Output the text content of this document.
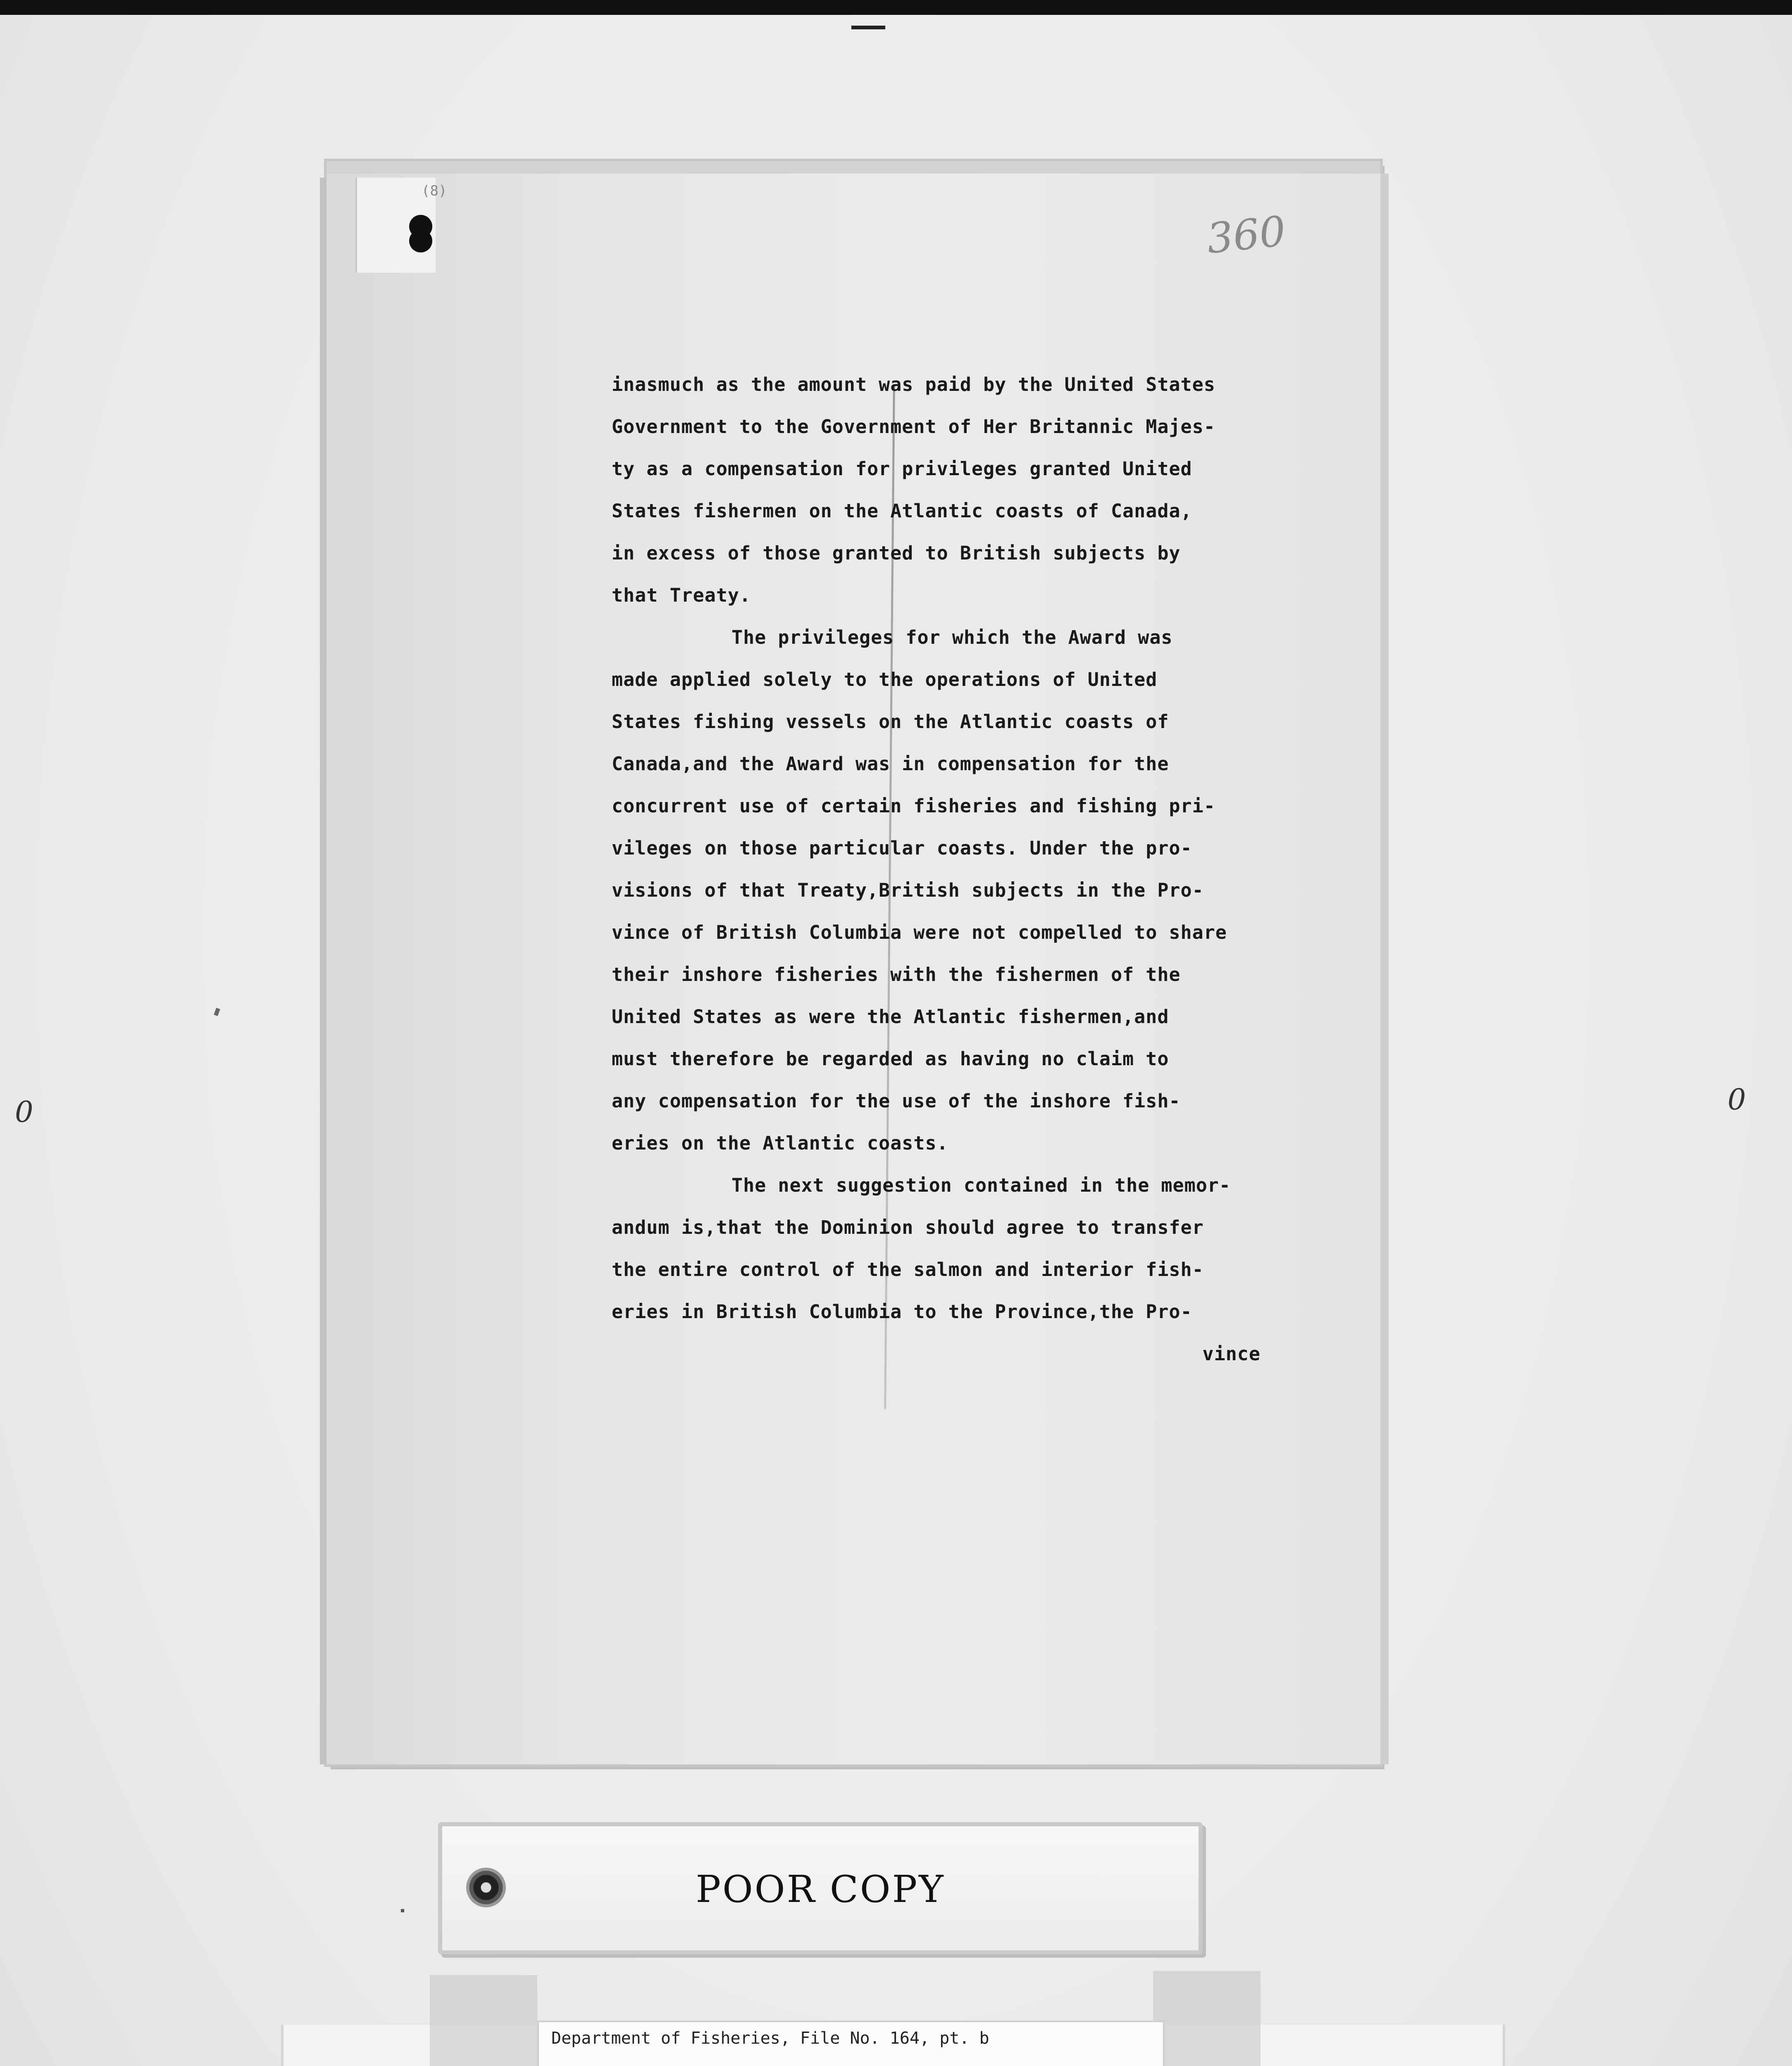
0	0
(8)
360
inasmuch as the amount was paid by the United States
Government to the Government of Her Britannic Majes-
ty as a compensation for privileges granted United
States fishermen on the Atlantic coasts of Canada,
in excess of those granted to British subjects by
that Treaty.
The privileges for which the Award was
made applied solely to the operations of United
States fishing vessels on the Atlantic coasts of
Canada,and the Award was in compensation for the
concurrent use of certain fisheries and fishing pri-
vileges on those particular coasts. Under the pro-
visions of that Treaty,British subjects in the Pro-
vince of British Columbia were not compelled to share
their inshore fisheries with the fishermen of the
United States as were the Atlantic fishermen,and
must therefore be regarded as having no claim to
any compensation for the use of the inshore fish-
eries on the Atlantic coasts.
The next suggestion contained in the memor-
andum is,that the Dominion should agree to transfer
the entire control of the salmon and interior fish-
eries in British Columbia to the Province,the Pro-
vince
POOR COPY
Department of Fisheries, File No. 164, pt. b
